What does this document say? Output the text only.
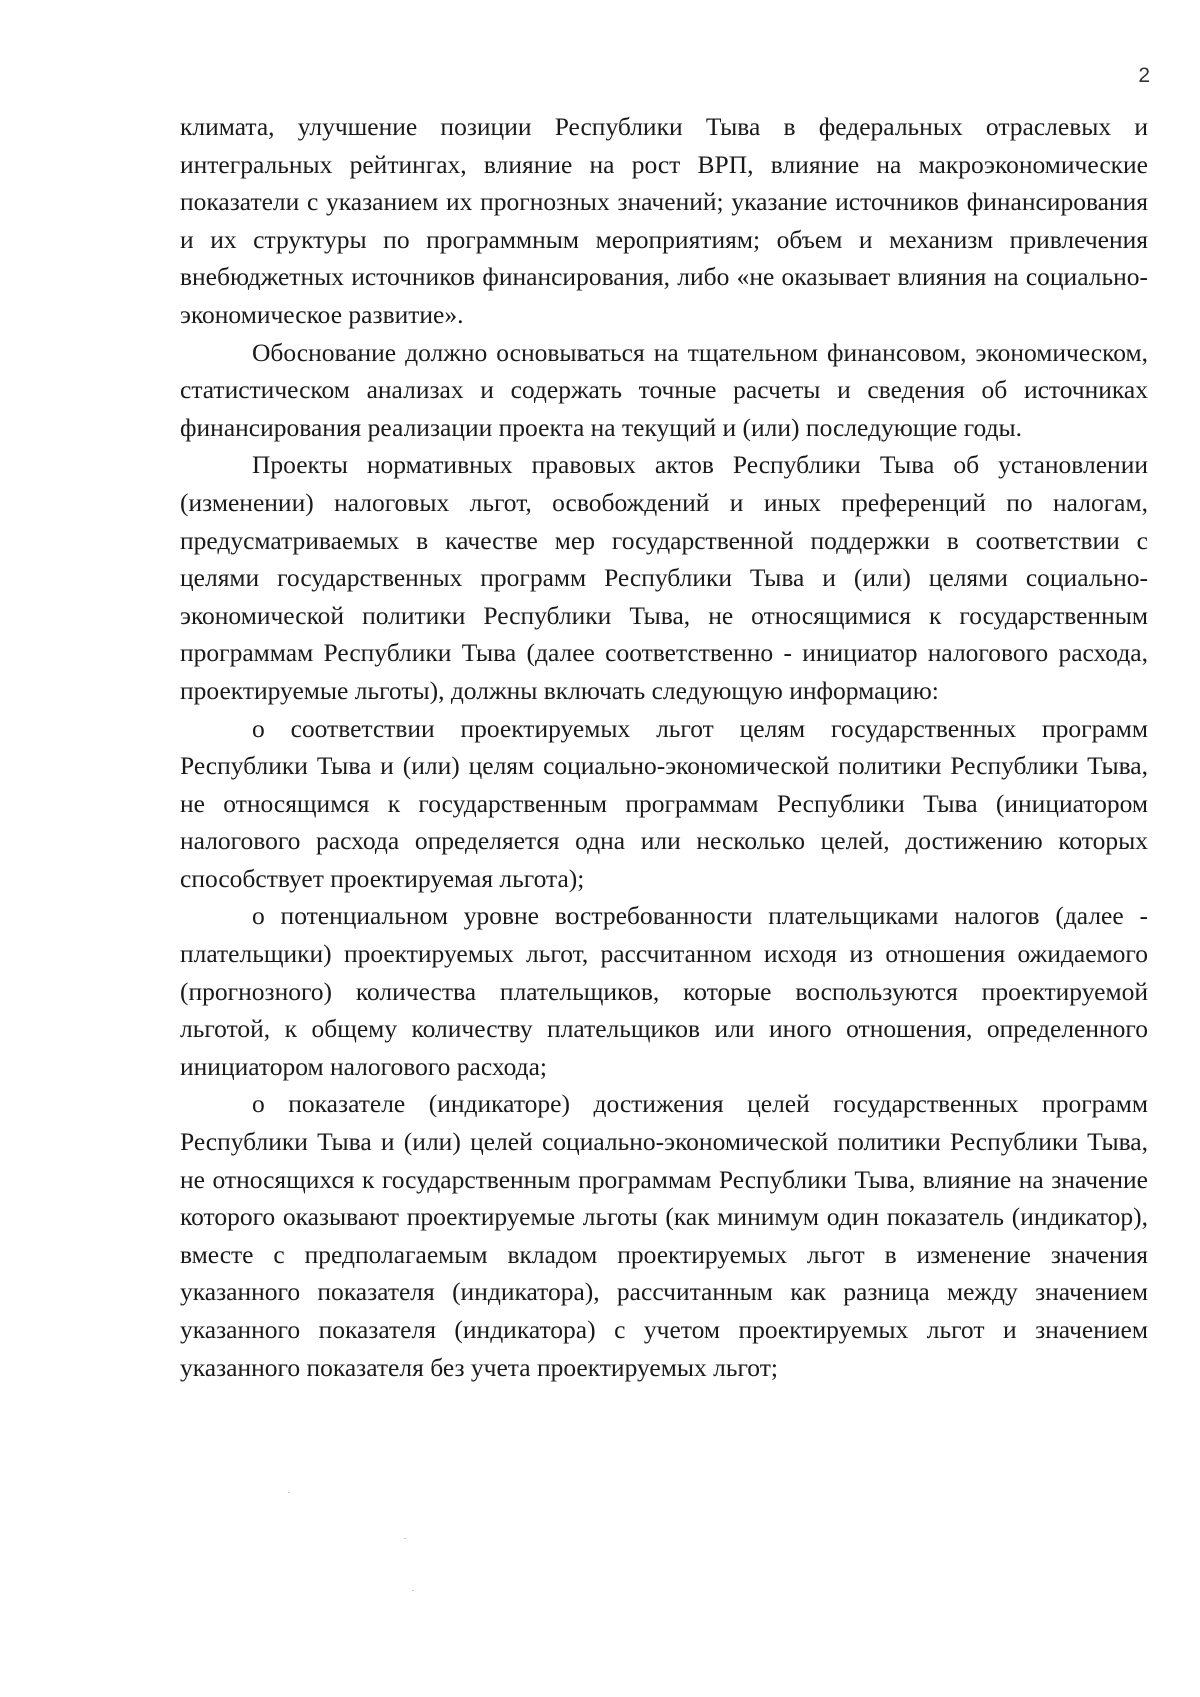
2

климата, улучшение позиции Республики Тыва в федеральных отраслевых и интегральных рейтингах, влияние на рост ВРП, влияние на макроэкономические показатели с указанием их прогнозных значений; указание источников финансирования и их структуры по программным мероприятиям; объем и механизм привлечения внебюджетных источников финансирования, либо «не оказывает влияния на социально-экономическое развитие».

Обоснование должно основываться на тщательном финансовом, экономическом, статистическом анализах и содержать точные расчеты и сведения об источниках финансирования реализации проекта на текущий и (или) последующие годы.

Проекты нормативных правовых актов Республики Тыва об установлении (изменении) налоговых льгот, освобождений и иных преференций по налогам, предусматриваемых в качестве мер государственной поддержки в соответствии с целями государственных программ Республики Тыва и (или) целями социально-экономической политики Республики Тыва, не относящимися к государственным программам Республики Тыва (далее соответственно - инициатор налогового расхода, проектируемые льготы), должны включать следующую информацию:

о соответствии проектируемых льгот целям государственных программ Республики Тыва и (или) целям социально-экономической политики Республики Тыва, не относящимся к государственным программам Республики Тыва (инициатором налогового расхода определяется одна или несколько целей, достижению которых способствует проектируемая льгота);

о потенциальном уровне востребованности плательщиками налогов (далее - плательщики) проектируемых льгот, рассчитанном исходя из отношения ожидаемого (прогнозного) количества плательщиков, которые воспользуются проектируемой льготой, к общему количеству плательщиков или иного отношения, определенного инициатором налогового расхода;

о показателе (индикаторе) достижения целей государственных программ Республики Тыва и (или) целей социально-экономической политики Республики Тыва, не относящихся к государственным программам Республики Тыва, влияние на значение которого оказывают проектируемые льготы (как минимум один показатель (индикатор), вместе с предполагаемым вкладом проектируемых льгот в изменение значения указанного показателя (индикатора), рассчитанным как разница между значением указанного показателя (индикатора) с учетом проектируемых льгот и значением указанного показателя без учета проектируемых льгот;
